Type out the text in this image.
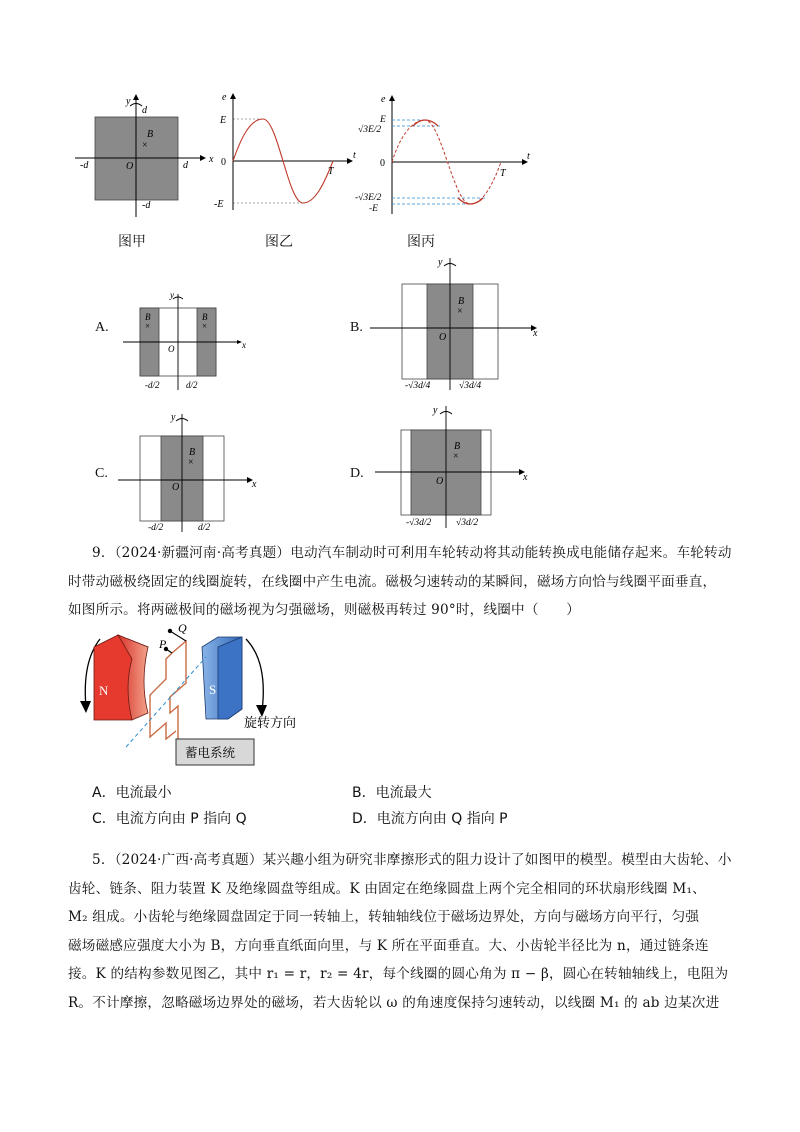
y
d
x
-d	d
-d
B
×
O
图甲
e
E
0
-E
T
t
图乙
e
E
√3E/2
0
-√3E/2
-E
T
t
图丙
A.
y
B	B
×	×
O	x
-d/2	d/2
B.
y
B
×
O	x
-√3d/4	√3d/4
C.
y
B
×
O	x
-d/2	d/2
D.
y
B
×
O	x
-√3d/2	√3d/2

9．（2024·新疆河南·高考真题）电动汽车制动时可利用车轮转动将其动能转换成电能储存起来。车轮转动

时带动磁极绕固定的线圈旋转，在线圈中产生电流。磁极匀速转动的某瞬间，磁场方向恰与线圈平面垂直，

如图所示。将两磁极间的磁场视为匀强磁场，则磁极再转过 90°时，线圈中（　　）

N	S
Q
P
蓄电系统
旋转方向
A．电流最小	B．电流最大
C．电流方向由 P 指向 Q	D．电流方向由 Q 指向 P

5．（2024·广西·高考真题）某兴趣小组为研究非摩擦形式的阻力设计了如图甲的模型。模型由大齿轮、小

齿轮、链条、阻力装置 K 及绝缘圆盘等组成。K 由固定在绝缘圆盘上两个完全相同的环状扇形线圈 M₁、

M₂ 组成。小齿轮与绝缘圆盘固定于同一转轴上，转轴轴线位于磁场边界处，方向与磁场方向平行，匀强

磁场磁感应强度大小为 B，方向垂直纸面向里，与 K 所在平面垂直。大、小齿轮半径比为 n，通过链条连

接。K 的结构参数见图乙，其中 r₁ = r，r₂ = 4r，每个线圈的圆心角为 π − β，圆心在转轴轴线上，电阻为

R。不计摩擦，忽略磁场边界处的磁场，若大齿轮以 ω 的角速度保持匀速转动，以线圈 M₁ 的 ab 边某次进
